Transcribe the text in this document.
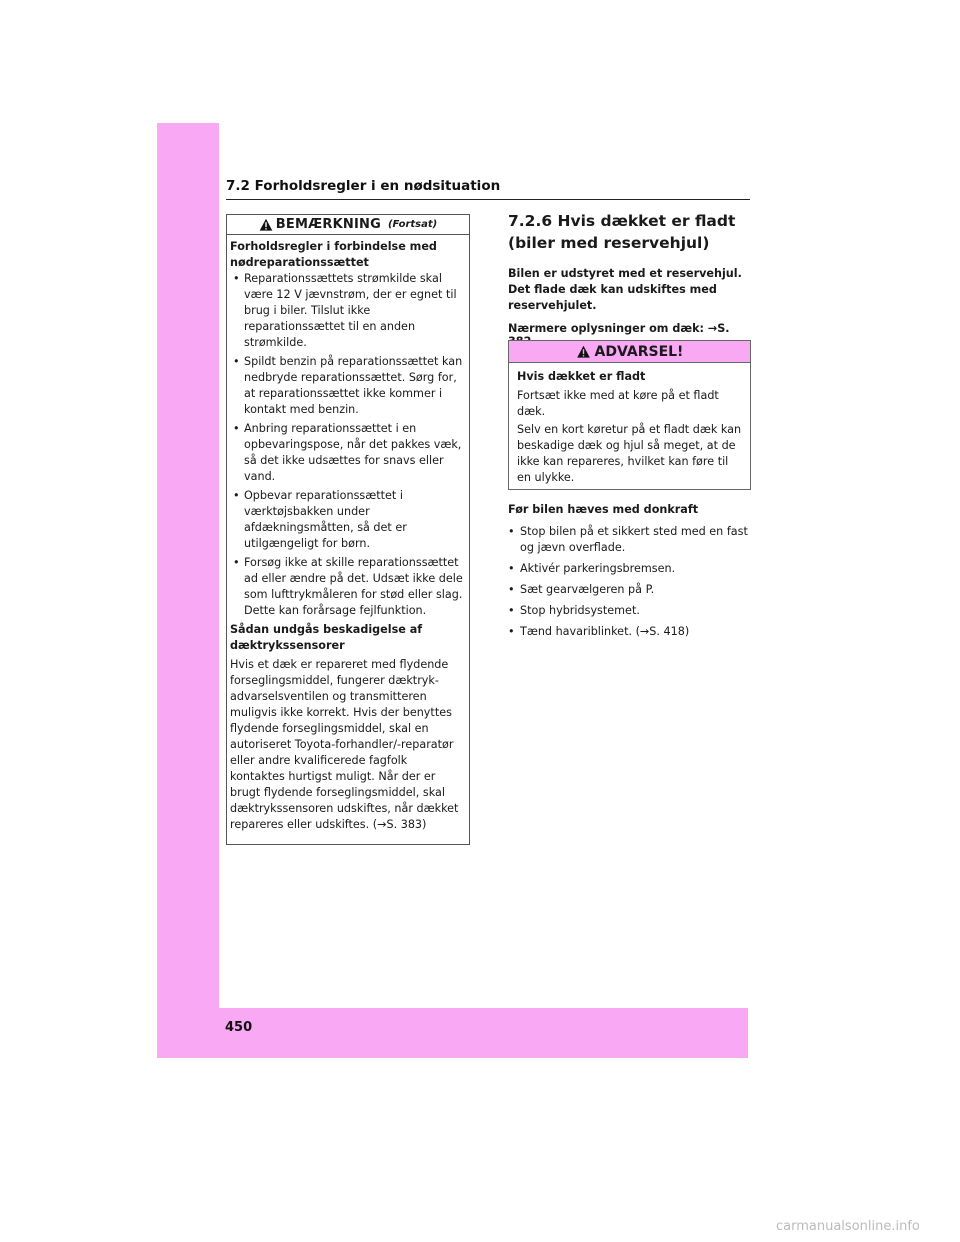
7.2 Forholdsregler i en nødsituation
BEMÆRKNING (Fortsat)
Forholdsregler i forbindelse med nødreparationssættet
• Reparationssættets strømkilde skal være 12 V jævnstrøm, der er egnet til brug i biler. Tilslut ikke reparationssættet til en anden strømkilde.
• Spildt benzin på reparationssættet kan nedbryde reparationssættet. Sørg for, at reparationssættet ikke kommer i kontakt med benzin.
• Anbring reparationssættet i en opbevaringspose, når det pakkes væk, så det ikke udsættes for snavs eller vand.
• Opbevar reparationssættet i værktøjsbakken under afdækningsmåtten, så det er utilgængeligt for børn.
• Forsøg ikke at skille reparationssættet ad eller ændre på det. Udsæt ikke dele som lufttrykmåleren for stød eller slag. Dette kan forårsage fejlfunktion.
Sådan undgås beskadigelse af dæktrykssensorer

Hvis et dæk er repareret med flydende forseglingsmiddel, fungerer dæktryk-advarselsventilen og transmitteren muligvis ikke korrekt. Hvis der benyttes flydende forseglingsmiddel, skal en autoriseret Toyota-forhandler/-reparatør eller andre kvalificerede fagfolk kontaktes hurtigst muligt. Når der er brugt flydende forseglingsmiddel, skal dæktrykssensoren udskiftes, når dækket repareres eller udskiftes. (→S. 383)

7.2.6 Hvis dækket er fladt (biler med reservehjul)
Bilen er udstyret med et reservehjul. Det flade dæk kan udskiftes med reservehjulet.
Nærmere oplysninger om dæk: →S.
ADVARSEL!
Hvis dækket er fladt

Fortsæt ikke med at køre på et fladt dæk.

Selv en kort køretur på et fladt dæk kan beskadige dæk og hjul så meget, at de ikke kan repareres, hvilket kan føre til en ulykke.

Før bilen hæves med donkraft
• Stop bilen på et sikkert sted med en fast og jævn overflade.
• Aktivér parkeringsbremsen.
• Sæt gearvælgeren på P.
• Stop hybridsystemet.
• Tænd havariblinket. (→S. 418)
450
carmanualsonline.info
